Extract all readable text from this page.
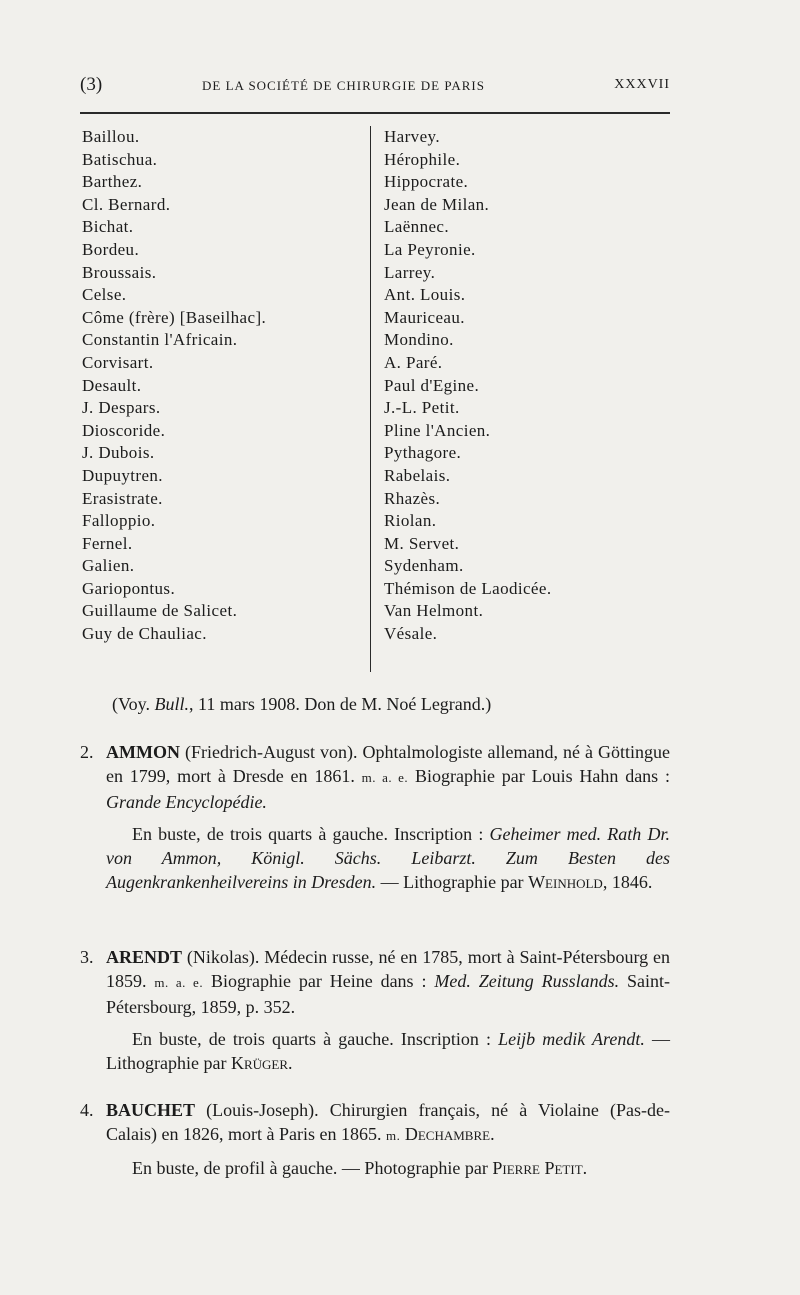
(3)	DE LA SOCIÉTÉ DE CHIRURGIE DE PARIS	XXXVII
Baillou.
Batischua.
Barthez.
Cl. Bernard.
Bichat.
Bordeu.
Broussais.
Celse.
Côme (frère) [Baseilhac].
Constantin l'Africain.
Corvisart.
Desault.
J. Despars.
Dioscoride.
J. Dubois.
Dupuytren.
Erasistrate.
Falloppio.
Fernel.
Galien.
Gariopontus.
Guillaume de Salicet.
Guy de Chauliac.
Harvey.
Hérophile.
Hippocrate.
Jean de Milan.
Laënnec.
La Peyronie.
Larrey.
Ant. Louis.
Mauriceau.
Mondino.
A. Paré.
Paul d'Egine.
J.-L. Petit.
Pline l'Ancien.
Pythagore.
Rabelais.
Rhazès.
Riolan.
M. Servet.
Sydenham.
Thémison de Laodicée.
Van Helmont.
Vésale.
(Voy. Bull., 11 mars 1908. Don de M. Noé Legrand.)

2. AMMON (Friedrich-August von). Ophtalmologiste allemand, né à Göttingue en 1799, mort à Dresde en 1861. m. a. e. Biographie par Louis Hahn dans : Grande Encyclopédie.

En buste, de trois quarts à gauche. Inscription : Geheimer med. Rath Dr. von Ammon, Königl. Sächs. Leibarzt. Zum Besten des Augenkrankenheilvereins in Dresden. — Lithographie par Weinhold, 1846.

3. ARENDT (Nikolas). Médecin russe, né en 1785, mort à Saint-Pétersbourg en 1859. m. a. e. Biographie par Heine dans : Med. Zeitung Russlands. Saint-Pétersbourg, 1859, p. 352.

En buste, de trois quarts à gauche. Inscription : Leijb medik Arendt. — Lithographie par Krüger.

4. BAUCHET (Louis-Joseph). Chirurgien français, né à Violaine (Pas-de-Calais) en 1826, mort à Paris en 1865. m. Dechambre.

En buste, de profil à gauche. — Photographie par Pierre Petit.
